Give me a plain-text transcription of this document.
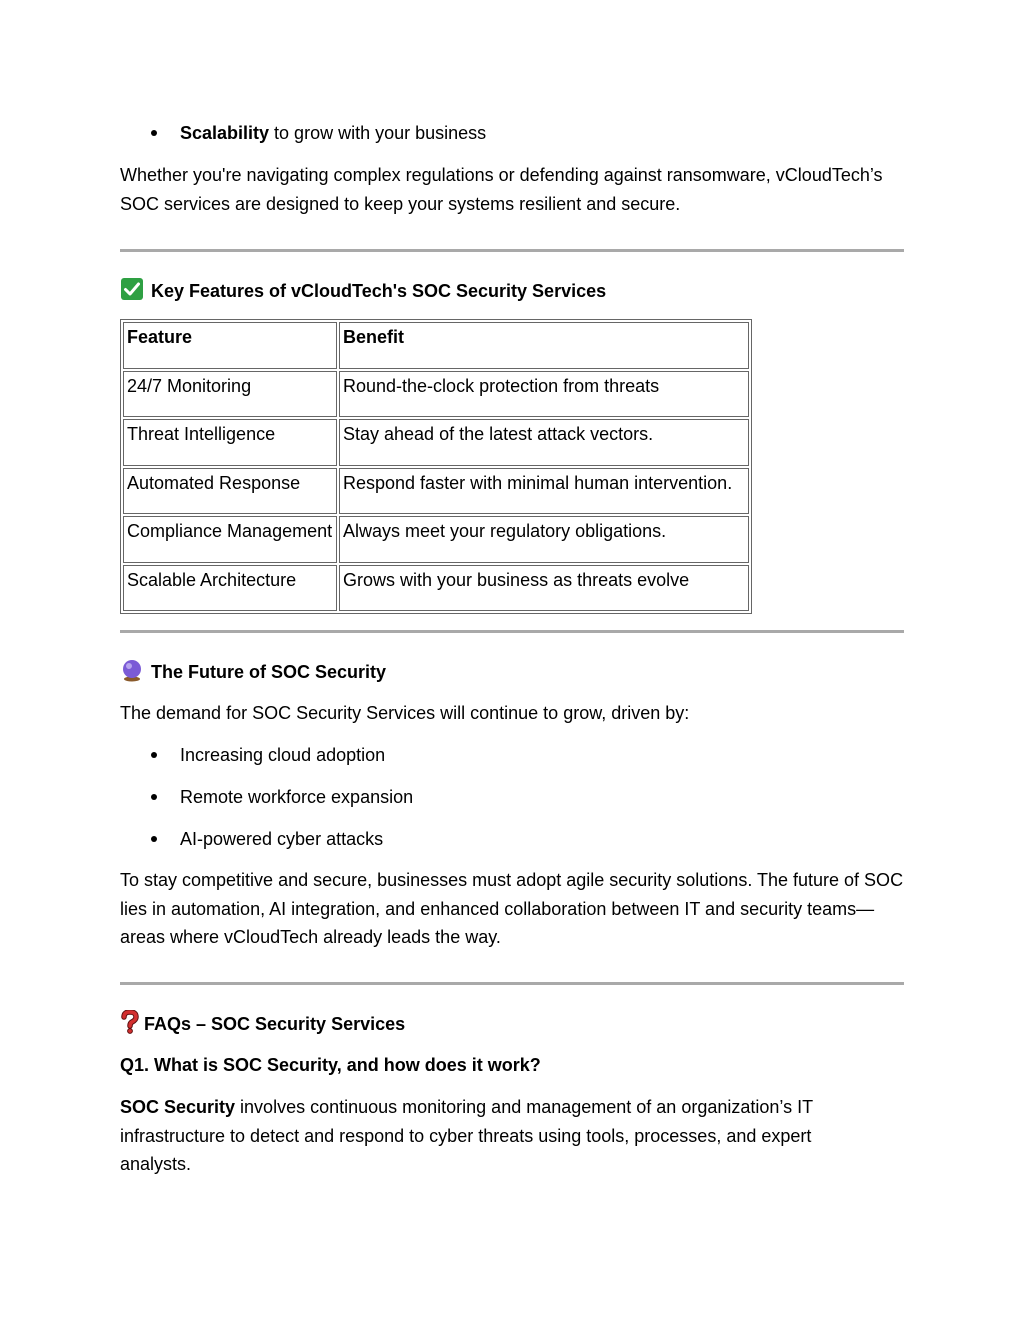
Scalability to grow with your business
Whether you're navigating complex regulations or defending against ransomware, vCloudTech’s SOC services are designed to keep your systems resilient and secure.
Key Features of vCloudTech's SOC Security Services
Feature	Benefit
24/7 Monitoring	Round-the-clock protection from threats
Threat Intelligence	Stay ahead of the latest attack vectors.
Automated Response	Respond faster with minimal human intervention.
Compliance Management	Always meet your regulatory obligations.
Scalable Architecture	Grows with your business as threats evolve
The Future of SOC Security
The demand for SOC Security Services will continue to grow, driven by:
Increasing cloud adoption
Remote workforce expansion
AI-powered cyber attacks
To stay competitive and secure, businesses must adopt agile security solutions. The future of SOC lies in automation, AI integration, and enhanced collaboration between IT and security teams—areas where vCloudTech already leads the way.
FAQs – SOC Security Services
Q1. What is SOC Security, and how does it work?
SOC Security involves continuous monitoring and management of an organization’s IT infrastructure to detect and respond to cyber threats using tools, processes, and expert analysts.
